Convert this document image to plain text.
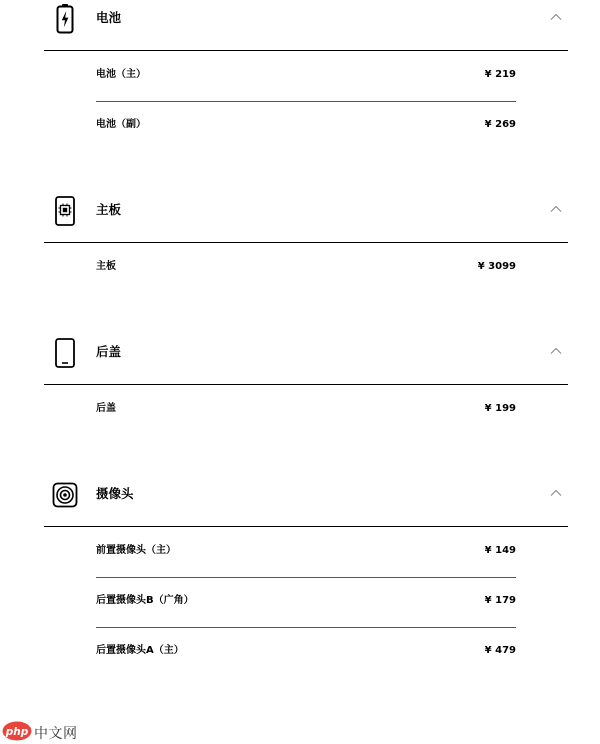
电池
电池（主）	¥ 219
电池（副）	¥ 269
主板
主板	¥ 3099
后盖
后盖	¥ 199
摄像头
前置摄像头（主）	¥ 149
后置摄像头B（广角）	¥ 179
后置摄像头A（主）	¥ 479
php 中文网
